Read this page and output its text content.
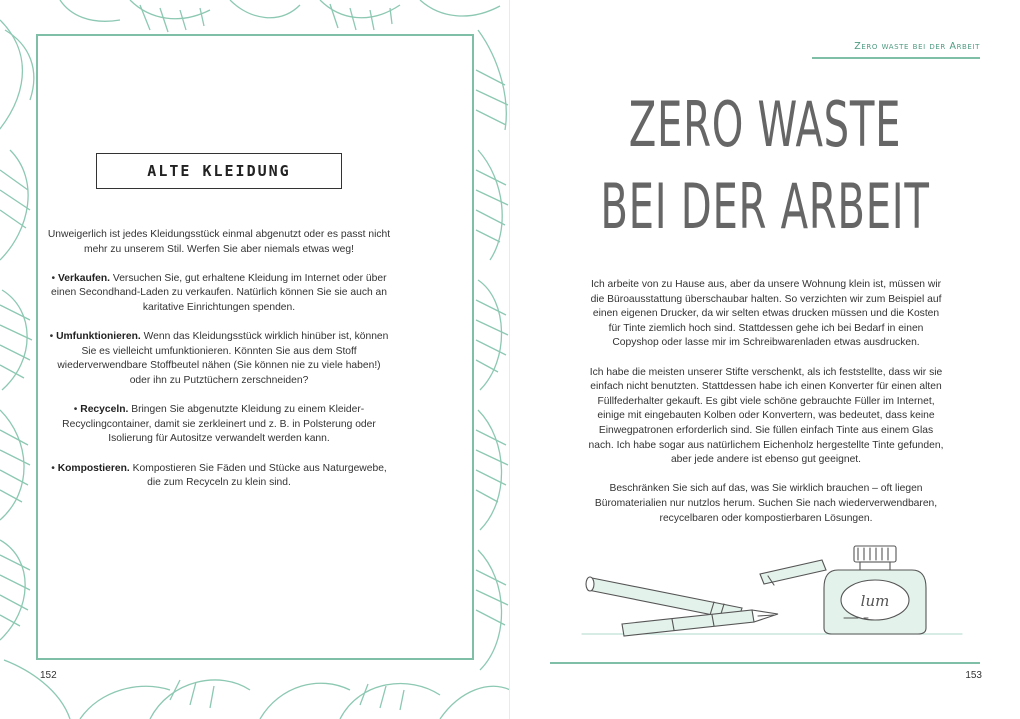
ALTE KLEIDUNG

Unweigerlich ist jedes Kleidungsstück einmal abgenutzt oder es passt nicht mehr zu unserem Stil. Werfen Sie aber niemals etwas weg!

• Verkaufen. Versuchen Sie, gut erhaltene Kleidung im Internet oder über einen Secondhand-Laden zu verkaufen. Natürlich können Sie sie auch an karitative Einrichtungen spenden.

• Umfunktionieren. Wenn das Kleidungsstück wirklich hinüber ist, können Sie es vielleicht umfunktionieren. Könnten Sie aus dem Stoff wiederverwendbare Stoffbeutel nähen (Sie können nie zu viele haben!) oder ihn zu Putztüchern zerschneiden?

• Recyceln. Bringen Sie abgenutzte Kleidung zu einem Kleider-Recyclingcontainer, damit sie zerkleinert und z. B. in Polsterung oder Isolierung für Autositze verwandelt werden kann.

• Kompostieren. Kompostieren Sie Fäden und Stücke aus Naturgewebe, die zum Recyceln zu klein sind.

152
Zero waste bei der Arbeit
ZERO WASTE
BEI DER ARBEIT

Ich arbeite von zu Hause aus, aber da unsere Wohnung klein ist, müssen wir die Büroausstattung überschaubar halten. So verzichten wir zum Beispiel auf einen eigenen Drucker, da wir selten etwas drucken müssen und die Kosten für Tinte ziemlich hoch sind. Stattdessen gehe ich bei Bedarf in einen Copyshop oder lasse mir im Schreibwarenladen etwas ausdrucken.

Ich habe die meisten unserer Stifte verschenkt, als ich feststellte, dass wir sie einfach nicht benutzten. Stattdessen habe ich einen Konverter für einen alten Füllfederhalter gekauft. Es gibt viele schöne gebrauchte Füller im Internet, einige mit eingebauten Kolben oder Konvertern, was bedeutet, dass keine Einwegpatronen erforderlich sind. Sie füllen einfach Tinte aus einem Glas nach. Ich habe sogar aus natürlichem Eichenholz hergestellte Tinte gefunden, aber jede andere ist ebenso gut geeignet.

Beschränken Sie sich auf das, was Sie wirklich brauchen – oft liegen Büromaterialien nur nutzlos herum. Suchen Sie nach wiederverwendbaren, recycelbaren oder kompostierbaren Lösungen.

lum
153
